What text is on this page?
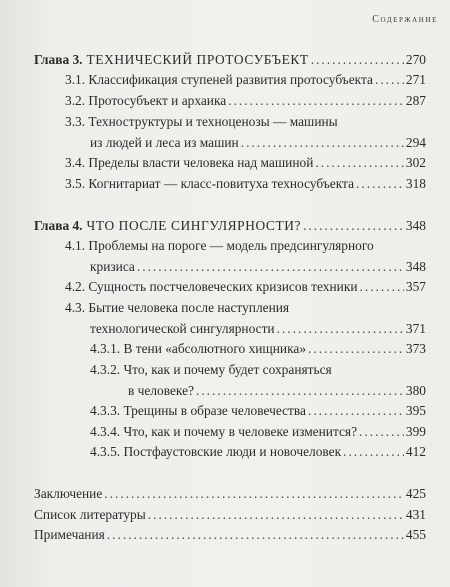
Содержание
Глава 3. ТЕХНИЧЕСКИЙ ПРОТОСУБЪЕКТ .....	270
3.1. Классификация ступеней развития протосубъекта ..... 271
3.2. Протосубъект и архаика .....	287
3.3. Техноструктуры и техноценозы — машины
из людей и леса из машин .....	294
3.4. Пределы власти человека над машиной .....	302
3.5. Когнитариат — класс-повитуха техносубъекта .....	318
Глава 4. ЧТО ПОСЛЕ СИНГУЛЯРНОСТИ? .....	348
4.1. Проблемы на пороге — модель предсингулярного
кризиса .....	348
4.2. Сущность постчеловеческих кризисов техники .....	357
4.3. Бытие человека после наступления
технологической сингулярности .....	371
4.3.1. В тени «абсолютного хищника» .....	373
4.3.2. Что, как и почему будет сохраняться
в человеке? .....	380
4.3.3. Трещины в образе человечества .....	395
4.3.4. Что, как и почему в человеке изменится? .....	399
4.3.5. Постфаустовские люди и новочеловек .....	412
Заключение .....	425
Список литературы .....	431
Примечания .....	455
